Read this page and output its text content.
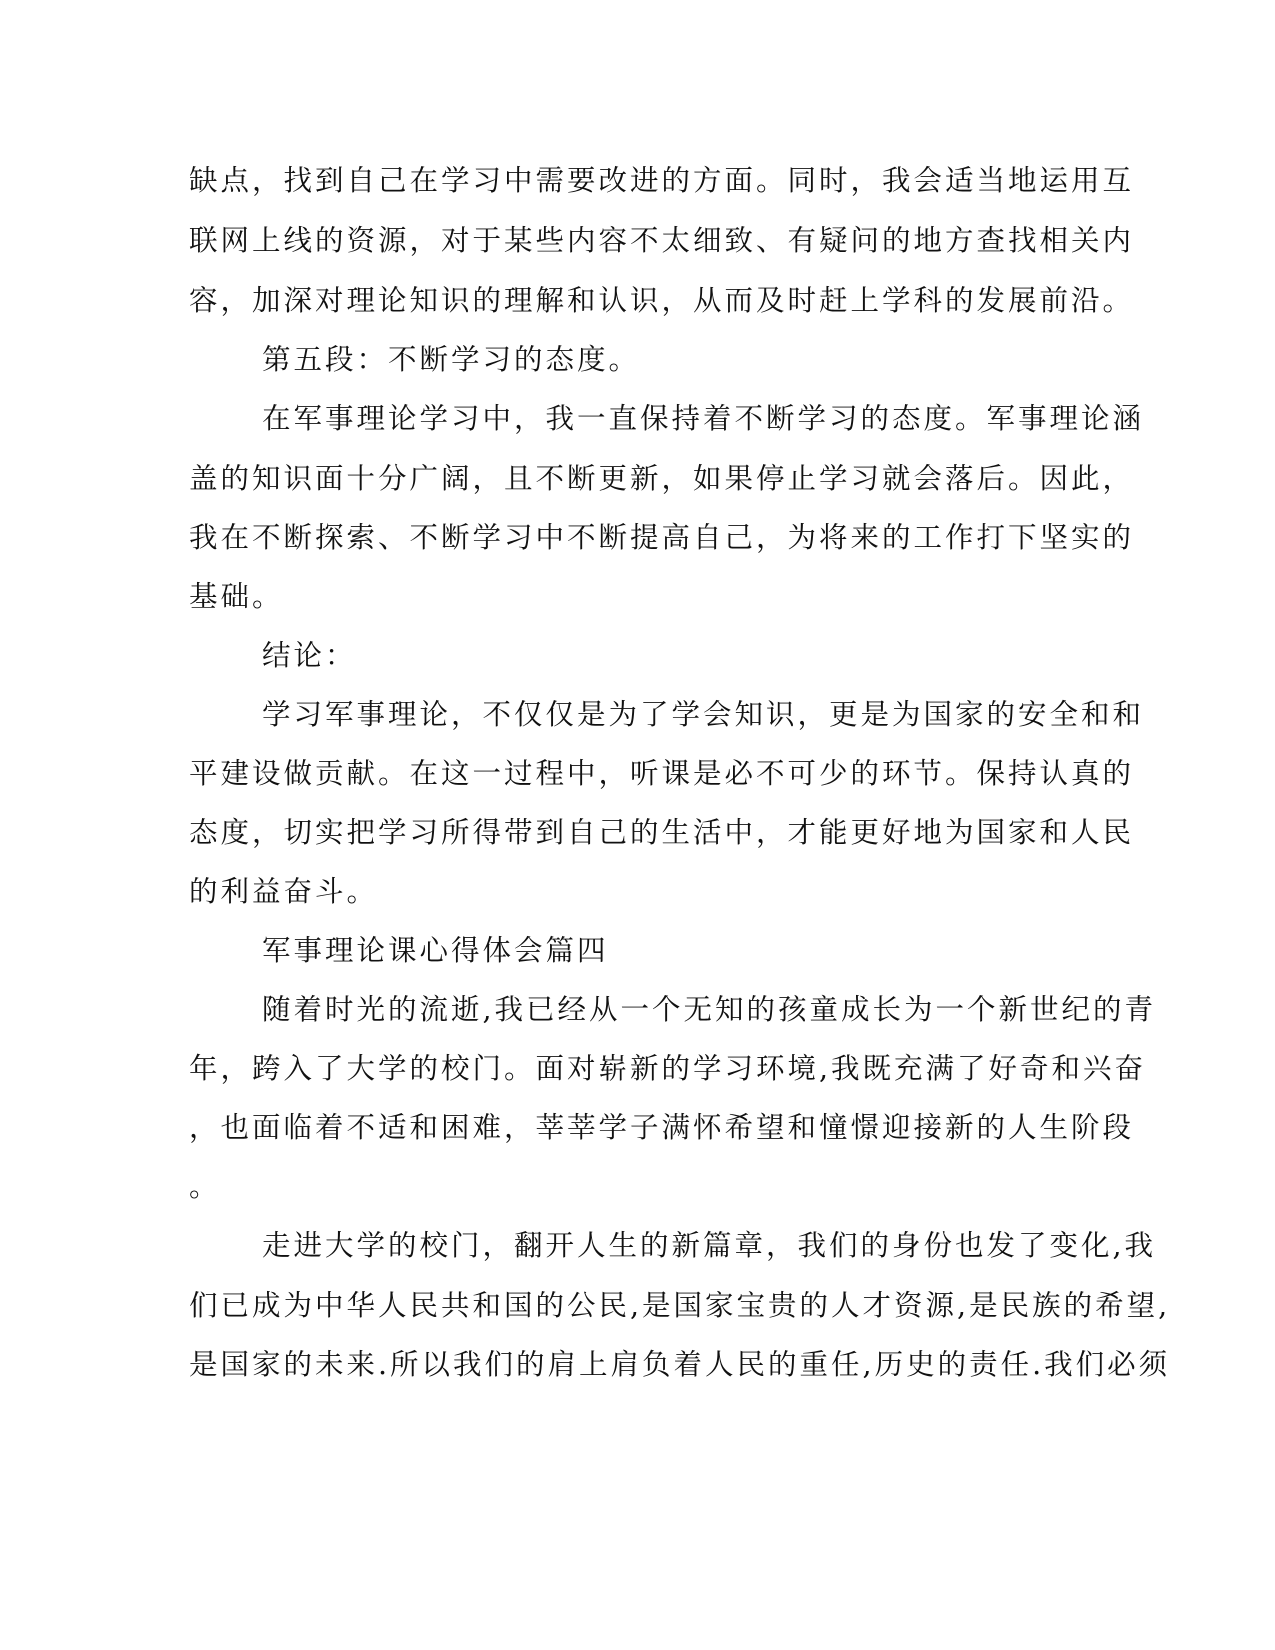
缺点，找到自己在学习中需要改进的方面。同时，我会适当地运用互
联网上线的资源，对于某些内容不太细致、有疑问的地方查找相关内
容，加深对理论知识的理解和认识，从而及时赶上学科的发展前沿。
第五段：不断学习的态度。
在军事理论学习中，我一直保持着不断学习的态度。军事理论涵
盖的知识面十分广阔，且不断更新，如果停止学习就会落后。因此，
我在不断探索、不断学习中不断提高自己，为将来的工作打下坚实的
基础。
结论：
学习军事理论，不仅仅是为了学会知识，更是为国家的安全和和
平建设做贡献。在这一过程中，听课是必不可少的环节。保持认真的
态度，切实把学习所得带到自己的生活中，才能更好地为国家和人民
的利益奋斗。
军事理论课心得体会篇四
随着时光的流逝,我已经从一个无知的孩童成长为一个新世纪的青
年，跨入了大学的校门。面对崭新的学习环境,我既充满了好奇和兴奋
，也面临着不适和困难，莘莘学子满怀希望和憧憬迎接新的人生阶段
。
走进大学的校门，翻开人生的新篇章，我们的身份也发了变化,我
们已成为中华人民共和国的公民,是国家宝贵的人才资源,是民族的希望,
是国家的未来.所以我们的肩上肩负着人民的重任,历史的责任.我们必须
